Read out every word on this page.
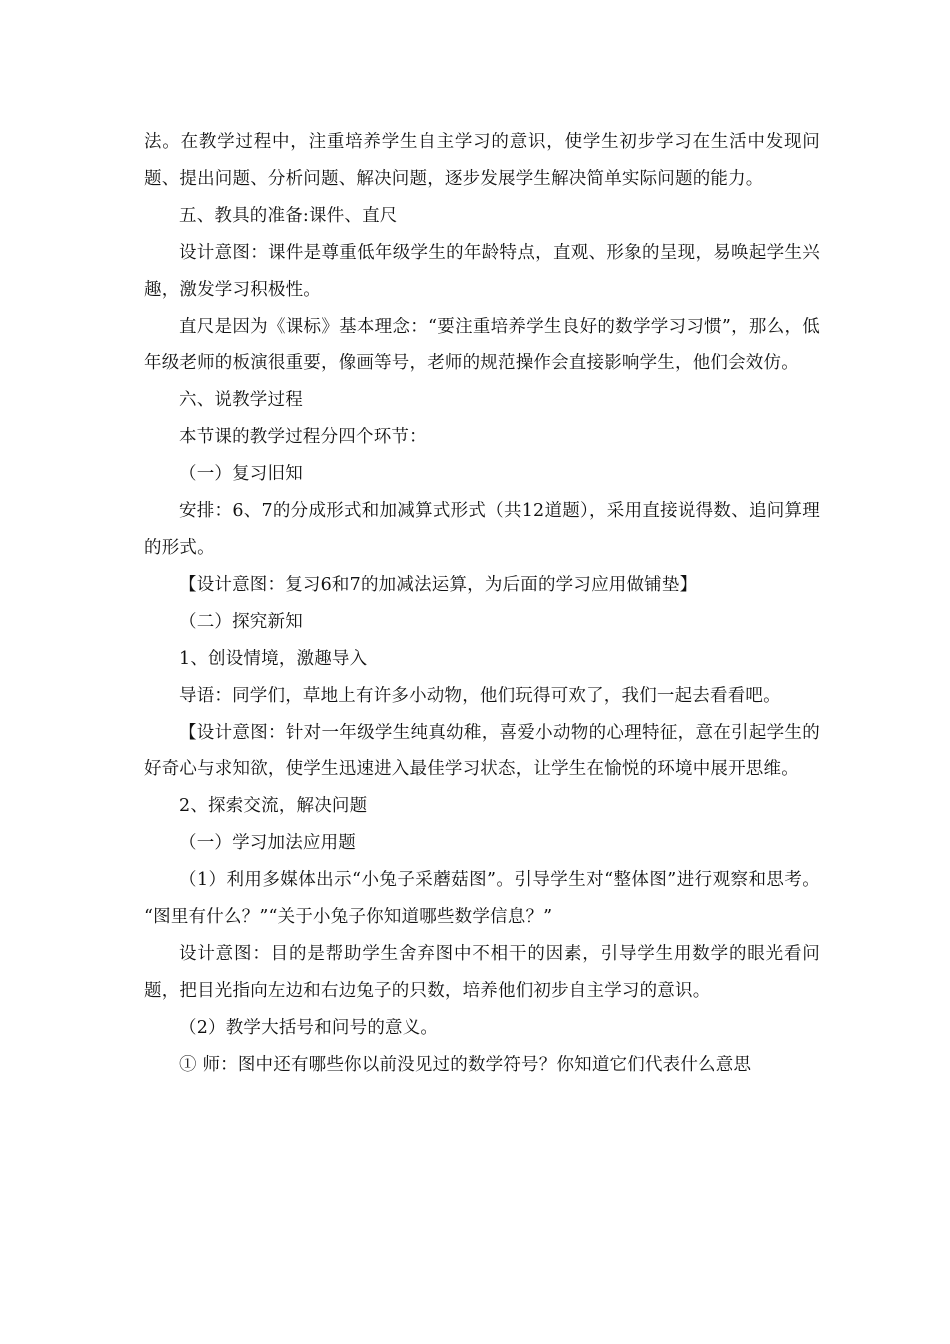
法。在教学过程中，注重培养学生自主学习的意识，使学生初步学习在生活中发现问题、提出问题、分析问题、解决问题，逐步发展学生解决简单实际问题的能力。

五、教具的准备:课件、直尺

设计意图：课件是尊重低年级学生的年龄特点，直观、形象的呈现，易唤起学生兴趣，激发学习积极性。

直尺是因为《课标》基本理念：“要注重培养学生良好的数学学习习惯”，那么，低年级老师的板演很重要，像画等号，老师的规范操作会直接影响学生，他们会效仿。

六、说教学过程

本节课的教学过程分四个环节：

（一）复习旧知

安排：6、7的分成形式和加减算式形式（共12道题），采用直接说得数、追问算理的形式。

【设计意图：复习6和7的加减法运算，为后面的学习应用做铺垫】

（二）探究新知

1、创设情境，激趣导入

导语：同学们，草地上有许多小动物，他们玩得可欢了，我们一起去看看吧。

【设计意图：针对一年级学生纯真幼稚，喜爱小动物的心理特征，意在引起学生的好奇心与求知欲，使学生迅速进入最佳学习状态，让学生在愉悦的环境中展开思维。

2、探索交流，解决问题

（一）学习加法应用题

（1）利用多媒体出示“小兔子采蘑菇图”。引导学生对“整体图”进行观察和思考。 “图里有什么？”“关于小兔子你知道哪些数学信息？”

设计意图：目的是帮助学生舍弃图中不相干的因素，引导学生用数学的眼光看问题，把目光指向左边和右边兔子的只数，培养他们初步自主学习的意识。

（2）教学大括号和问号的意义。

① 师：图中还有哪些你以前没见过的数学符号？你知道它们代表什么意思
